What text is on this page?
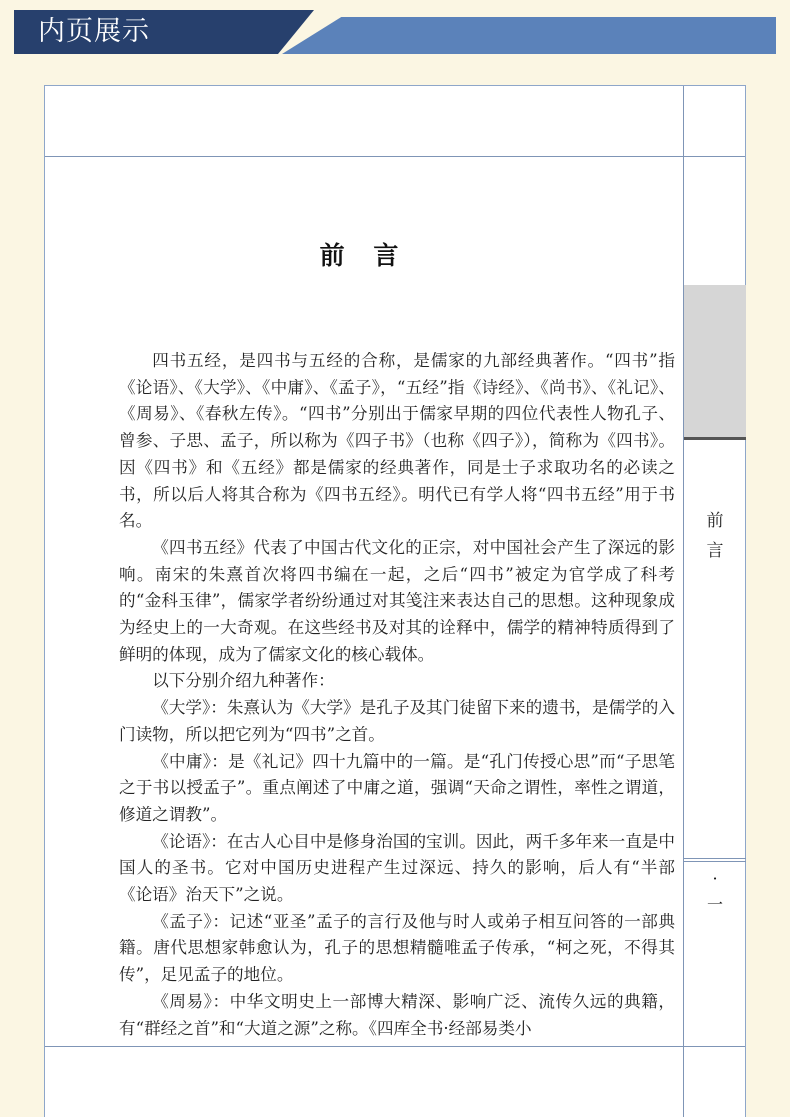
内页展示
前
言
·
一
前 言

四书五经，是四书与五经的合称，是儒家的九部经典著作。“四书”指《论语》、《大学》、《中庸》、《孟子》，“五经”指《诗经》、《尚书》、《礼记》、《周易》、《春秋左传》。“四书”分别出于儒家早期的四位代表性人物孔子、曾参、子思、孟子，所以称为《四子书》（也称《四子》），简称为《四书》。因《四书》和《五经》都是儒家的经典著作，同是士子求取功名的必读之书，所以后人将其合称为《四书五经》。明代已有学人将“四书五经”用于书名。

《四书五经》代表了中国古代文化的正宗，对中国社会产生了深远的影响。南宋的朱熹首次将四书编在一起，之后“四书”被定为官学成了科考的“金科玉律”，儒家学者纷纷通过对其笺注来表达自己的思想。这种现象成为经史上的一大奇观。在这些经书及对其的诠释中，儒学的精神特质得到了鲜明的体现，成为了儒家文化的核心载体。

以下分别介绍九种著作：

《大学》：朱熹认为《大学》是孔子及其门徒留下来的遗书，是儒学的入门读物，所以把它列为“四书”之首。

《中庸》：是《礼记》四十九篇中的一篇。是“孔门传授心思”而“子思笔之于书以授孟子”。重点阐述了中庸之道，强调“天命之谓性，率性之谓道，修道之谓教”。

《论语》：在古人心目中是修身治国的宝训。因此，两千多年来一直是中国人的圣书。它对中国历史进程产生过深远、持久的影响，后人有“半部《论语》治天下”之说。

《孟子》：记述“亚圣”孟子的言行及他与时人或弟子相互问答的一部典籍。唐代思想家韩愈认为，孔子的思想精髓唯孟子传承，“柯之死，不得其传”，足见孟子的地位。

《周易》：中华文明史上一部博大精深、影响广泛、流传久远的典籍，有“群经之首”和“大道之源”之称。《四库全书·经部易类小
